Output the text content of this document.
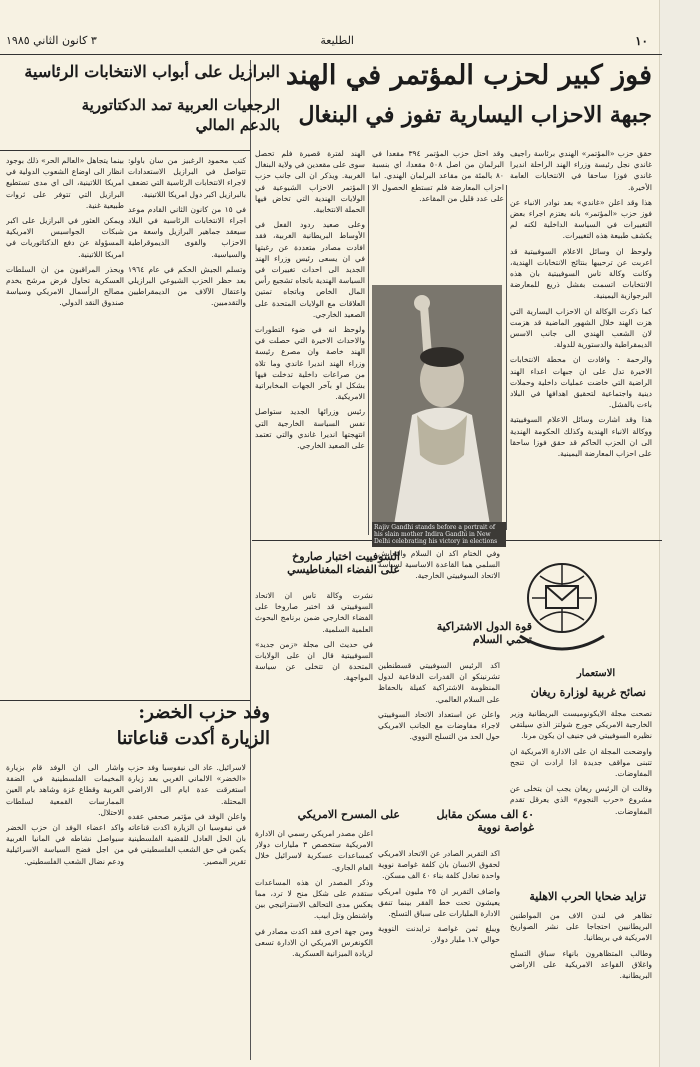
١٠
الطليعة
٣ كانون الثاني ١٩٨٥
فوز كبير لحزب المؤتمر في الهند
جبهة الاحزاب اليسارية تفوز في البنغال

حقق حزب «المؤتمر» الهندي برئاسة راجيف غاندي نجل رئيسة وزراء الهند الراحلة انديرا غاندي فوزا ساحقا في الانتخابات العامة الأخيرة.

هذا وقد اعلن «غاندي» بعد نوادر الانباء عن فوز حزب «المؤتمر» بانه يعتزم اجراء بعض التغييرات في السياسة الداخلية لكنه لم يكشف طبيعة هذه التغييرات.

ولوحظ ان وسائل الاعلام السوفييتية قد اعربت عن ترحيبها بنتائج الانتخابات الهندية، وكانت وكالة تاس السوفييتية بان هذه الانتخابات اتسمت بفشل ذريع للمعارضة البرجوازية اليمينية.

كما ذكرت الوكالة ان الاحزاب اليسارية التي هزت الهند خلال الشهور الماضية قد هزمت لان الشعب الهندي الى جانب الاسس الديمقراطية والدستورية للدولة.

والرحمة · وافادت ان محطة الانتخابات الاخيرة تدل على ان جبهات اعداء الهند الراضية التي خاضت عمليات داخلية وحملات دينية واجتماعية لتحقيق اهدافها في البلاد باءت بالفشل.

هذا وقد اشارت وسائل الاعلام السوفييتية ووكالة الانباء الهندية وكذلك الحكومة الهندية الى ان الحزب الحاكم قد حقق فوزا ساحقا على احزاب المعارضة اليمينية.

وقد احتل حزب المؤتمر ٣٩٤ مقعدا في البرلمان من اصل ٥٠٨ مقعدا، اي بنسبة ٨٠ بالمئة من مقاعد البرلمان الهندي. اما احزاب المعارضة فلم تستطع الحصول الا على عدد قليل من المقاعد.

الهند لفترة قصيرة فلم تحصل سوى على مقعدين في ولاية البنغال الغربية. ويذكر ان الى جانب حزب المؤتمر الاحزاب الشيوعية في الولايات الهندية التي تخاض فيها الحملة الانتخابية.

وعلى صعيد ردود الفعل في الأوساط البريطانية الغربية، فقد افادت مصادر متعددة عن رغبتها في ان يسعى رئيس وزراء الهند الجديد الى احداث تغييرات في السياسة الهندية باتجاه تشجيع رأس المال الخاص وباتجاه تمتين العلاقات مع الولايات المتحدة على الصعيد الخارجي.

ولوحظ انه في ضوء التطورات والاحداث الاخيرة التي حصلت في الهند خاصة وان مصرع رئيسة وزراء الهند انديرا غاندي وما تلاه من صراعات داخلية تدخلت فيها بشكل او بآخر الجهات المخابراتية الامريكية.

رئيس وزرائها الجديد ستواصل نفس السياسة الخارجية التي انتهجتها انديرا غاندي والتي تعتمد على الصعيد الخارجي.

Rajiv Gandhi stands before a portrait of his slain mother Indira Gandhi in New Delhi celebrating his victory in elections
البرازيل على أبواب الانتخابات الرئاسية
الرجعيات العربية تمد الدكتاتورية بالدعم المالي

كتب محمود الرغبيز من سان باولو: تتواصل في البرازيل الاستعدادات لاجراء الانتخابات الرئاسية التي تضعف بالبرازيل اكبر دول امريكا اللاتينية.

في ١٥ من كانون الثاني القادم موعد اجراء الانتخابات الرئاسية في البلاد سيعقد جماهير البرازيل واسعة من الاحزاب والقوى الديموقراطية والسياسية.

وتسلم الجيش الحكم في عام ١٩٦٤ بعد حظر الحزب الشيوعي البرازيلي واعتقال الآلاف من الديمقراطيين والتقدميين.

بينما يتجاهل «العالم الحر» ذلك بوجود انظار الى اوضاع الشعوب الدولية في امريكا اللاتينية، الى اي مدى تستطيع البرازيل التي تتوفر على ثروات طبيعية غنية.

ويمكن العثور في البرازيل على اكبر شبكات الجواسيس الامريكية المسؤولة عن دفع الدكتاتوريات في امريكا اللاتينية.

ويحذر المراقبون من ان السلطات العسكرية تحاول فرض مرشح يخدم مصالح الرأسمال الامريكي وسياسة صندوق النقد الدولي.

وفد حزب الخضر:
الزيارة أكدت قناعاتنا

لاسرائيل. عاد الى نيقوسيا وفد حزب «الخضر» الالماني الغربي بعد زيارة استغرقت عدة ايام الى الاراضي المحتلة.

واعلن الوفد في مؤتمر صحفي عقده في نيقوسيا ان الزيارة اكدت قناعاته بان الحل العادل للقضية الفلسطينية يكمن في حق الشعب الفلسطيني في تقرير المصير.

واشار الى ان الوفد قام بزيارة المخيمات الفلسطينية في الضفة الغربية وقطاع غزة وشاهد بام العين الممارسات القمعية لسلطات الاحتلال.

واكد اعضاء الوفد ان حزب الخضر سيواصل نشاطه في المانيا الغربية من اجل فضح السياسة الاسرائيلية ودعم نضال الشعب الفلسطيني.

السوفييت اختبار صاروخ على الفضاء المغناطيسي

نشرت وكالة تاس ان الاتحاد السوفييتي قد اختبر صاروخا على الفضاء الخارجي ضمن برنامج البحوث العلمية السلمية.

في حديث الى مجلة «زمن جديد» السوفييتية قال ان على الولايات المتحدة ان تتخلى عن سياسة المواجهة.

قوة الدول الاشتراكية تحمي السلام

وفي الختام اكد ان السلام والتعايش السلمي هما القاعدة الاساسية لسياسة الاتحاد السوفييتي الخارجية.

اكد الرئيس السوفييتي قسطنطين تشرنينكو ان القدرات الدفاعية لدول المنظومة الاشتراكية كفيلة بالحفاظ على السلام العالمي.

واعلن عن استعداد الاتحاد السوفييتي لاجراء مفاوضات مع الجانب الامريكي حول الحد من التسلح النووي.

على المسرح الامريكي

اعلن مصدر امريكي رسمي ان الادارة الامريكية ستخصص ٣ مليارات دولار كمساعدات عسكرية لاسرائيل خلال العام الجاري.

وذكر المصدر ان هذه المساعدات ستقدم على شكل منح لا ترد، مما يعكس مدى التحالف الاستراتيجي بين واشنطن وتل ابيب.

ومن جهة اخرى فقد اكدت مصادر في الكونغرس الامريكي ان الادارة تسعى لزيادة الميزانية العسكرية.

٤٠ الف مسكن مقابل غواصة نووية

اكد التقرير الصادر عن الاتحاد الامريكي لحقوق الانسان بان كلفة غواصة نووية واحدة تعادل كلفة بناء ٤٠ الف مسكن.

واضاف التقرير ان ٢٥ مليون امريكي يعيشون تحت خط الفقر بينما تنفق الادارة المليارات على سباق التسلح.

ويبلغ ثمن غواصة ترايدنت النووية حوالي ١.٧ مليار دولار.

الاستعمار
نصائح غربية لوزارة ريغان

نصحت مجلة الايكونوميست البريطانية وزير الخارجية الامريكي جورج شولتز الذي سيلتقي نظيره السوفييتي في جنيف ان يكون مرنا.

واوضحت المجلة ان على الادارة الامريكية ان تتبنى مواقف جديدة اذا ارادت ان تنجح المفاوضات.

وقالت ان الرئيس ريغان يجب ان يتخلى عن مشروع «حرب النجوم» الذي يعرقل تقدم المفاوضات.

تزايد ضحايا الحرب الاهلية

تظاهر في لندن الاف من المواطنين البريطانيين احتجاجا على نشر الصواريخ الامريكية في بريطانيا.

وطالب المتظاهرون بانهاء سباق التسلح واغلاق القواعد الامريكية على الاراضي البريطانية.
